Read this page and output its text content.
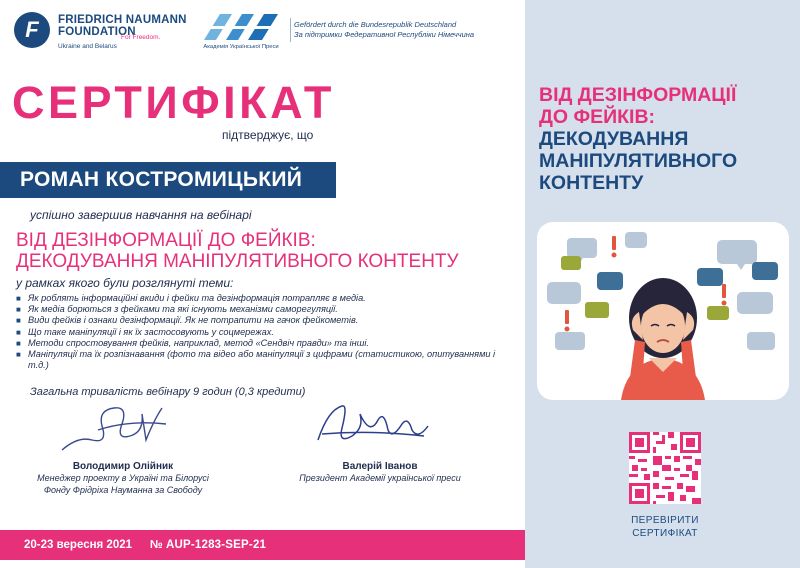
ВІД ДЕЗІНФОРМАЦІЇ
ДО ФЕЙКІВ:
ДЕКОДУВАННЯ
МАНІПУЛЯТИВНОГО
КОНТЕНТУ
ПЕРЕВІРИТИ
СЕРТИФІКАТ
F	FRIEDRICH NAUMANN
FOUNDATION
For Freedom.
Ukraine and Belarus	Академія Української Преси
Gefördert durch die Bundesrepublik Deutschland
За підтримки Федеративної Республіки Німеччина
СЕРТИФІКАТ
підтверджує, що
РОМАН КОСТРОМИЦЬКИЙ
успішно завершив навчання на вебінарі
ВІД ДЕЗІНФОРМАЦІЇ ДО ФЕЙКІВ:
ДЕКОДУВАННЯ МАНІПУЛЯТИВНОГО КОНТЕНТУ
у рамках якого були розглянуті теми:
■ Як роблять інформаційні вкиди і фейки та дезінформація потрапляє в медіа.
■ Як медіа борються з фейками та які існують механізми саморегуляції.
■ Види фейків і ознаки дезінформації. Як не потрапити на гачок фейкометів.
■ Що таке маніпуляції і як їх застосовують у соцмережах.
■ Методи спростовування фейків, наприклад, метод «Сендвіч правди» та інші.
■ Маніпуляції та їх розпізнавання (фото та відео або маніпуляції з цифрами (статистикою, опитуваннями і т.д.)
Загальна тривалість вебінару 9 годин (0,3 кредити)
Володимир Олійник
Менеджер проекту в Україні та Білорусі
Фонду Фрідріха Науманна за Свободу
Валерій Іванов
Президент Академії української преси
20-23 вересня 2021 № AUP-1283-SEP-21
